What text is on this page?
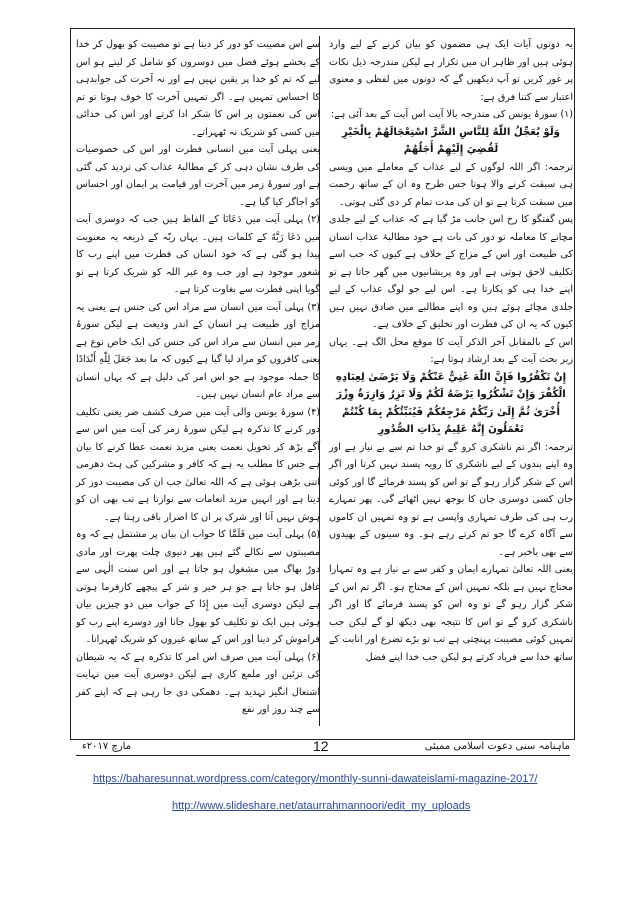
یہ دونوں آیات ایک ہی مضمون کو بیان کرنے کے لیے وارد ہوئی ہیں اور ظاہر ان میں تکرار ہے لیکن مندرجہ ذیل نکات پر غور کریں تو آپ دیکھیں گے کہ دونوں میں لفظی و معنوی اعتبار سے کتنا فرق ہے:

(۱) سورۂ یونس کی مندرجہ بالا آیت اس آیت کے بعد آئی ہے:

وَلَوْ يُعَجِّلُ اللّٰهُ لِلنَّاسِ الشَّرَّ اسْتِعْجَالَهُمْ بِالْخَيْرِ لَقُضِيَ إِلَيْهِمْ أَجَلُهُمْ

ترجمہ: اگر اللہ لوگوں کے لیے عذاب کے معاملے میں ویسی ہی سبقت کرنے والا ہوتا جس طرح وہ ان کے ساتھ رحمت میں سبقت کرتا ہے تو ان کی مدت تمام کر دی گئی ہوتی۔

پس گفتگو کا رخ اس جانب مڑ گیا ہے کہ عذاب کے لیے جلدی مچانے کا معاملہ تو دور کی بات ہے خود مطالبۂ عذاب انسان کی طبیعت اور اس کے مزاج کے خلاف ہے کیوں کہ جب اسے تکلیف لاحق ہوتی ہے اور وہ پریشانیوں میں گھر جاتا ہے تو اپنے خدا ہی کو پکارتا ہے۔ اس لیے جو لوگ عذاب کے لیے جلدی مچائے ہوئے ہیں وہ اپنے مطالبے میں صادق نہیں ہیں کیوں کہ یہ ان کی فطرت اور تخلیق کے خلاف ہے۔

اس کے بالمقابل آخر الذکر آیت کا موقع محل الگ ہے۔ یہاں زیر بحث آیت کے بعد ارشاد ہوتا ہے:

إِنْ تَكْفُرُوا فَإِنَّ اللّٰهَ غَنِيٌّ عَنْكُمْ وَلَا يَرْضَىٰ لِعِبَادِهِ الْكُفْرَ وَإِنْ تَشْكُرُوا يَرْضَهُ لَكُمْ وَلَا تَزِرُ وَازِرَةٌ وِزْرَ أُخْرَىٰ ثُمَّ إِلَىٰ رَبِّكُمْ مَرْجِعُكُمْ فَيُنَبِّئُكُمْ بِمَا كُنْتُمْ تَعْمَلُونَ إِنَّهُ عَلِيمٌ بِذَاتِ الصُّدُورِ

ترجمہ: اگر تم ناشکری کرو گے تو خدا تم سے بے نیاز ہے اور وہ اپنے بندوں کے لیے ناشکری کا رویہ پسند نہیں کرتا اور اگر اس کے شکر گزار رہو گے تو اس کو پسند فرمائے گا اور کوئی جان کسی دوسری جان کا بوجھ نہیں اٹھائے گی۔ پھر تمہارے رب ہی کی طرف تمہاری واپسی ہے تو وہ تمہیں ان کاموں سے آگاہ کرے گا جو تم کرتے رہے ہو۔ وہ سینوں کے بھیدوں سے بھی باخبر ہے۔

یعنی اللہ تعالیٰ تمہارے ایمان و کفر سے بے نیاز ہے وہ تمہارا محتاج نہیں ہے بلکہ تمہیں اس کے محتاج ہو۔ اگر تم اس کے شکر گزار رہو گے تو وہ اس کو پسند فرمائے گا اور اگر ناشکری کرو گے تو اس کا نتیجہ بھی دیکھ لو گے لیکن جب تمہیں کوئی مصیبت پہنچتی ہے تب تو بڑے تضرع اور انابت کے ساتھ خدا سے فریاد کرتے ہو لیکن جب خدا اپنے فضل

سے اس مصیبت کو دور کر دیتا ہے تو مصیبت کو بھول کر خدا کے بخشے ہوئے فضل میں دوسروں کو شامل کر لیتے ہو اس لیے کہ تم کو خدا پر یقین نہیں ہے اور نہ آخرت کی جوابدہی کا احساس تمہیں ہے۔ اگر تمہیں آخرت کا خوف ہوتا تو تم اس کی نعمتوں پر اس کا شکر ادا کرتے اور اس کی خدائی میں کسی کو شریک نہ ٹھہراتے۔

یعنی پہلی آیت میں انسانی فطرت اور اس کی خصوصیات کی طرف نشان دہی کر کے مطالبۂ عذاب کی تردید کی گئی ہے اور سورۂ زمر میں آخرت اور قیامت پر ایمان اور احساس کو اجاگر کیا گیا ہے۔

(۲) پہلی آیت میں دَعَانَا کے الفاظ ہیں جب کہ دوسری آیت میں دَعَا رَبَّهُ کے کلمات ہیں۔ یہاں ربّہ کے ذریعہ یہ معنویت پیدا ہو گئی ہے کہ خود انسان کی فطرت میں اپنے رب کا شعور موجود ہے اور جب وہ غیر اللہ کو شریک کرتا ہے تو گویا اپنی فطرت سے بغاوت کرتا ہے۔

(۳) پہلی آیت میں انسان سے مراد اس کی جنس ہے یعنی یہ مزاج اور طبیعت ہر انسان کے اندر ودیعت ہے لیکن سورۂ زمر میں انسان سے مراد اس کی جنس کی ایک خاص نوع ہے یعنی کافروں کو مراد لیا گیا ہے کیوں کہ ما بعد جَعَلَ لِلّٰهِ أَنْدَادًا کا جملہ موجود ہے جو اس امر کی دلیل ہے کہ یہاں انسان سے مراد عام انسان نہیں ہیں۔

(۴) سورۂ یونس والی آیت میں صرف کشف ضر یعنی تکلیف دور کرنے کا تذکرہ ہے لیکن سورۂ زمر کی آیت میں اس سے آگے بڑھ کر تخویل نعمت یعنی مزید نعمت عطا کرنے کا بیان ہے جس کا مطلب یہ ہے کہ کافر و مشرکین کی ہٹ دھرمی اتنی بڑھی ہوئی ہے کہ اللہ تعالیٰ جب ان کی مصیبت دور کر دیتا ہے اور انہیں مزید انعامات سے نوازتا ہے تب بھی ان کو ہوش نہیں آتا اور شرک پر ان کا اصرار باقی رہتا ہے۔

(۵) پہلی آیت میں فَلَمَّا کا جواب ان بیان پر مشتمل ہے کہ وہ مصیبتوں سے نکالے گئے ہیں پھر دنیوی چلت پھرت اور مادی دوڑ بھاگ میں مشغول ہو جاتا ہے اور اس سنت الٰہی سے غافل ہو جاتا ہے جو ہر خیر و شر کے پیچھے کارفرما ہوتی ہے لیکن دوسری آیت میں إِذَا کے جواب میں دو چیزیں بیان ہوئی ہیں ایک تو تکلیف کو بھول جانا اور دوسرے اپنے رب کو فراموش کر دینا اور اس کے ساتھ غیروں کو شریک ٹھہرانا۔

(۶) پہلی آیت میں صرف اس امر کا تذکرہ ہے کہ یہ شیطان کی تزئین اور ملمع کاری ہے لیکن دوسری آیت میں نہایت اشتعال انگیز تہدید ہے۔ دھمکی دی جا رہی ہے کہ اپنے کفر سے چند روز اور نفع

ماہنامہ سنی دعوت اسلامی ممبئی
12
مارچ ۲۰۱۷ء
https://baharesunnat.wordpress.com/category/monthly-sunni-dawateislami-magazine-2017/
http://www.slideshare.net/ataurrahmannoori/edit_my_uploads
